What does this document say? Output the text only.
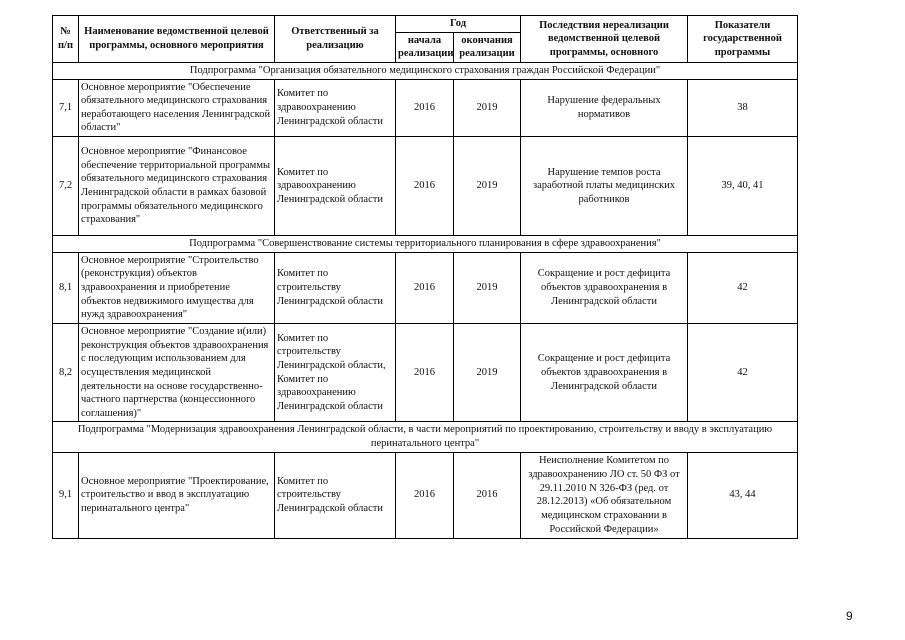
№ п/п	Наименование ведомственной целевой программы, основного мероприятия	Ответственный за реализацию	Год		Последствия нереализации ведомственной целевой программы, основного	Показатели государственной программы
			начала реализации	окончания реализации		
Подпрограмма "Организация обязательного медицинского страхования граждан Российской Федерации"						
7,1	Основное мероприятие "Обеспечение обязательного медицинского страхования неработающего населения Ленинградской области"	Комитет по здравоохранению Ленинградской области	2016	2019	Нарушение федеральных нормативов	38
7,2	Основное мероприятие "Финансовое обеспечение территориальной программы обязательного медицинского страхования Ленинградской области в рамках базовой программы обязательного медицинского страхования"	Комитет по здравоохранению Ленинградской области	2016	2019	Нарушение темпов роста заработной платы медицинских работников	39, 40, 41
Подпрограмма "Совершенствование системы территориального планирования в сфере здравоохранения"						
8,1	Основное мероприятие "Строительство (реконструкция) объектов здравоохранения и приобретение объектов недвижимого имущества для нужд здравоохранения"	Комитет по строительству Ленинградской области	2016	2019	Сокращение и рост дефицита объектов здравоохранения в Ленинградской области	42
8,2	Основное мероприятие "Создание и(или) реконструкция объектов здравоохранения с последующим использованием для осуществления медицинской деятельности на основе государственно-частного партнерства (концессионного соглашения)"	Комитет по строительству Ленинградской области, Комитет по здравоохранению Ленинградской области	2016	2019	Сокращение и рост дефицита объектов здравоохранения в Ленинградской области	42
Подпрограмма "Модернизация здравоохранения Ленинградской области, в части мероприятий по проектированию, строительству и вводу в эксплуатацию перинатального центра"						
9,1	Основное мероприятие "Проектирование, строительство и ввод в эксплуатацию перинатального центра"	Комитет по строительству Ленинградской области	2016	2016	Неисполнение Комитетом по здравоохранению ЛО ст. 50 ФЗ от 29.11.2010 N 326-ФЗ (ред. от 28.12.2013) «Об обязательном медицинском страховании в Российской Федерации»	43, 44
9
